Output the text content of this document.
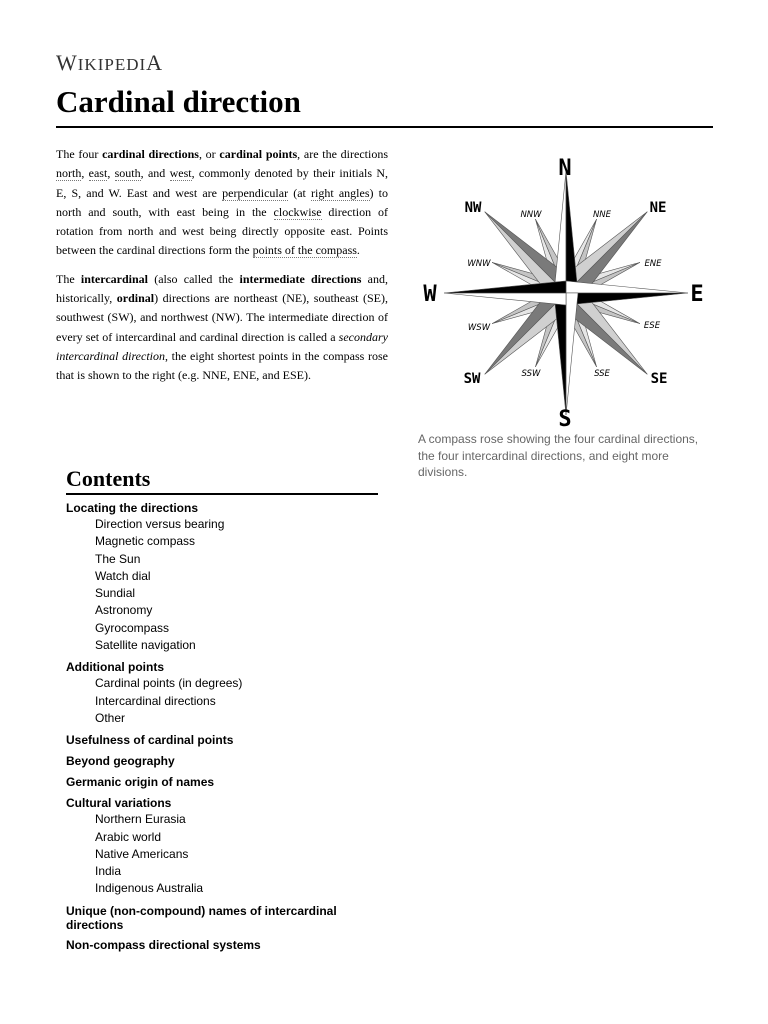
WIKIPEDIA
Cardinal direction

The four cardinal directions, or cardinal points, are the directions north, east, south, and west, commonly denoted by their initials N, E, S, and W. East and west are perpendicular (at right angles) to north and south, with east being in the clockwise direction of rotation from north and west being directly opposite east. Points between the cardinal directions form the points of the compass.

The intercardinal (also called the intermediate directions and, historically, ordinal) directions are northeast (NE), southeast (SE), southwest (SW), and northwest (NW). The intermediate direction of every set of intercardinal and cardinal direction is called a secondary intercardinal direction, the eight shortest points in the compass rose that is shown to the right (e.g. NNE, ENE, and ESE).

N
S
E
W
NW	NE
SW	SE
NNW	NNE
WNW	ENE
WSW	ESE
SSW	SSE
A compass rose showing the four cardinal directions, the four intercardinal directions, and eight more divisions.
Contents
Locating the directions
Direction versus bearing
Magnetic compass
The Sun
Watch dial
Sundial
Astronomy
Gyrocompass
Satellite navigation
Additional points
Cardinal points (in degrees)
Intercardinal directions
Other
Usefulness of cardinal points
Beyond geography
Germanic origin of names
Cultural variations
Northern Eurasia
Arabic world
Native Americans
India
Indigenous Australia
Unique (non-compound) names of intercardinal directions
Non-compass directional systems
